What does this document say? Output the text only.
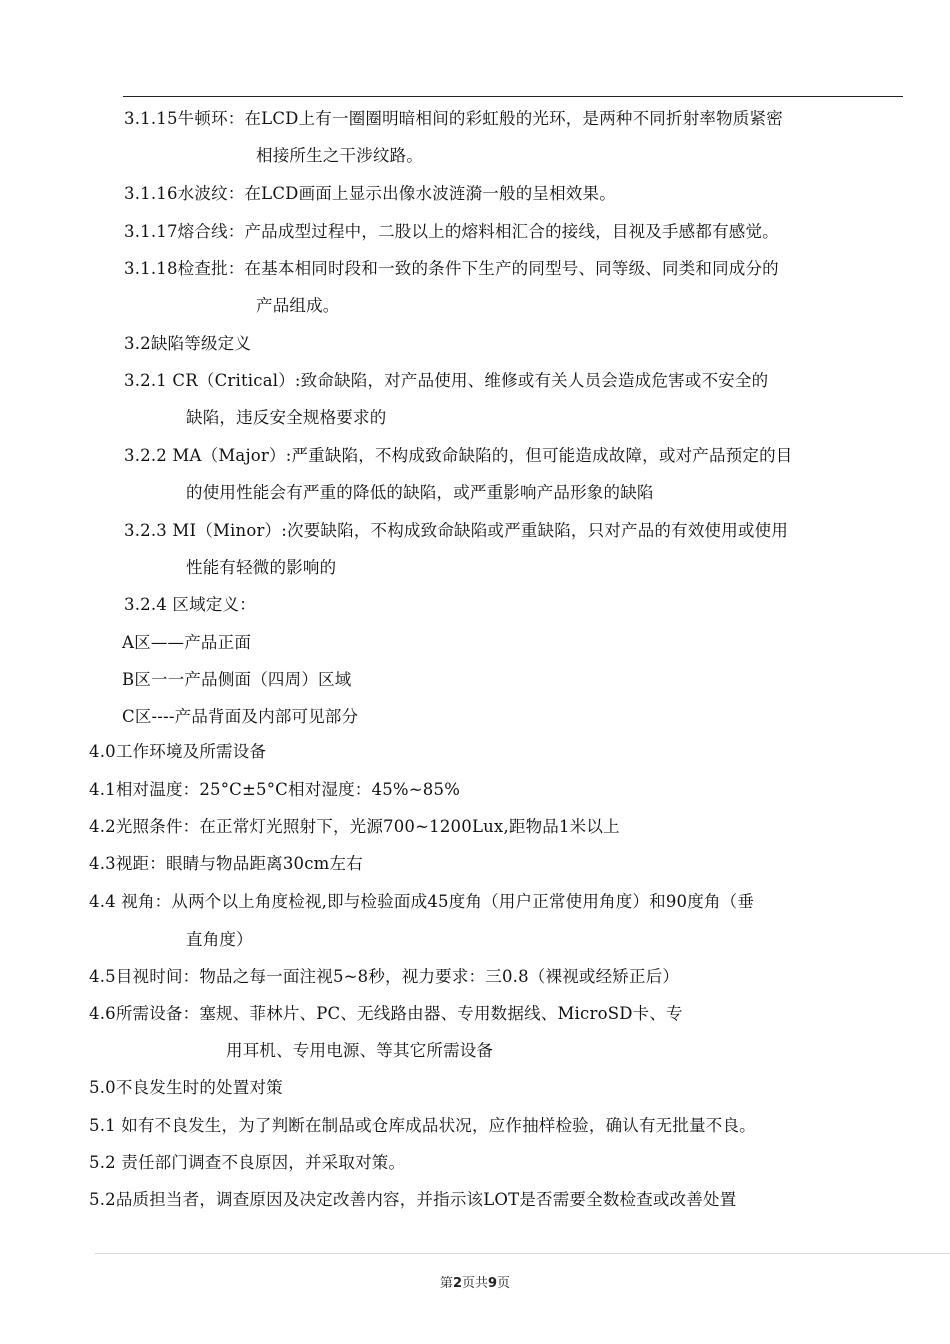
3.1.15牛顿环：在LCD上有一圈圈明暗相间的彩虹般的光环，是两种不同折射率物质紧密
相接所生之干涉纹路。
3.1.16水波纹：在LCD画面上显示出像水波涟漪一般的呈相效果。
3.1.17熔合线：产品成型过程中，二股以上的熔料相汇合的接线，目视及手感都有感觉。
3.1.18检查批：在基本相同时段和一致的条件下生产的同型号、同等级、同类和同成分的
产品组成。
3.2缺陷等级定义
3.2.1 CR（Critical）:致命缺陷，对产品使用、维修或有关人员会造成危害或不安全的
缺陷，违反安全规格要求的
3.2.2 MA（Major）:严重缺陷，不构成致命缺陷的，但可能造成故障，或对产品预定的目
的使用性能会有严重的降低的缺陷，或严重影响产品形象的缺陷
3.2.3 MI（Minor）:次要缺陷，不构成致命缺陷或严重缺陷，只对产品的有效使用或使用
性能有轻微的影响的
3.2.4 区域定义：
A区——产品正面
B区一一产品侧面（四周）区域
C区----产品背面及内部可见部分
4.0工作环境及所需设备
4.1相对温度：25°C±5°C相对湿度：45%~85%
4.2光照条件：在正常灯光照射下，光源700~1200Lux,距物品1米以上
4.3视距：眼睛与物品距离30cm左右
4.4 视角：从两个以上角度检视,即与检验面成45度角（用户正常使用角度）和90度角（垂
直角度）
4.5目视时间：物品之每一面注视5~8秒，视力要求：三0.8（裸视或经矫正后）
4.6所需设备：塞规、菲林片、PC、无线路由器、专用数据线、MicroSD卡、专
用耳机、专用电源、等其它所需设备
5.0不良发生时的处置对策
5.1 如有不良发生，为了判断在制品或仓库成品状况，应作抽样检验，确认有无批量不良。
5.2 责任部门调查不良原因，并采取对策。
5.2品质担当者，调查原因及决定改善内容，并指示该LOT是否需要全数检查或改善处置
第2页共9页
